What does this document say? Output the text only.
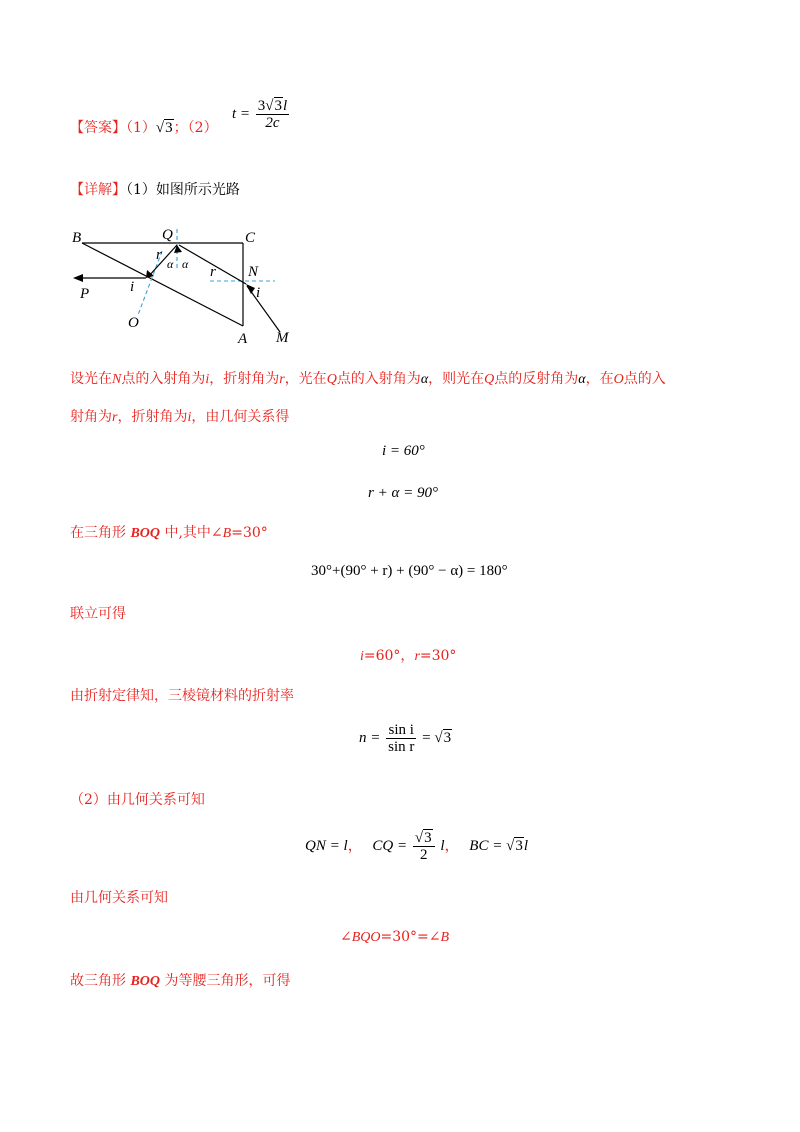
【答案】（1）√3；（2）
$t = \frac{3√3l}{2c}$
【详解】（1）如图所示光路
B	C
A
Q
N
M
P
O
r
α α r
i	i
设光在N点的入射角为i，折射角为r，光在Q点的入射角为α，则光在Q点的反射角为α，在O点的入
射角为r，折射角为i，由几何关系得
i = 60°
r + α = 90°
在三角形 BOQ 中,其中∠B=30°
30°+(90° + r) + (90° − α) = 180°
联立可得
i=60°，r=30°
由折射定律知，三棱镜材料的折射率
$n = \frac{\text{sin i}}{\text{sin r}} = √3$
（2）由几何关系可知
QN = l， CQ = $\frac{√3}{2}$ l， BC = √3l
由几何关系可知
∠BQO=30°=∠B
故三角形 BOQ 为等腰三角形，可得
